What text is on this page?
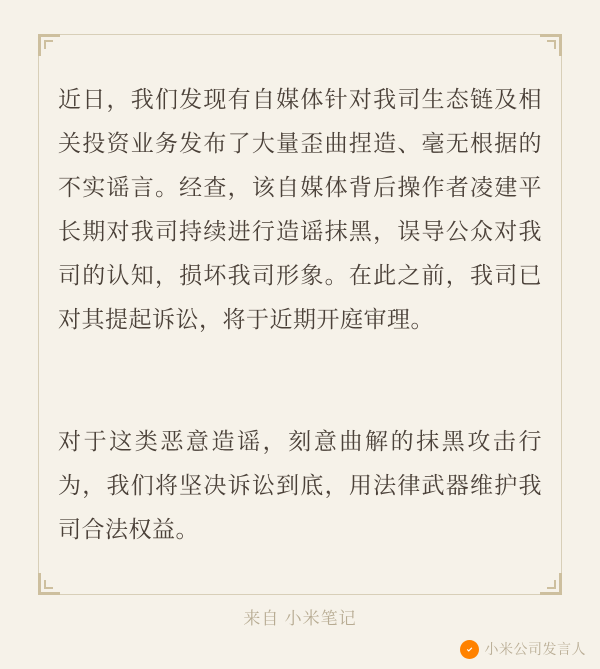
近日，我们发现有自媒体针对我司生态链及相关投资业务发布了大量歪曲捏造、毫无根据的不实谣言。经查，该自媒体背后操作者凌建平长期对我司持续进行造谣抹黑，误导公众对我司的认知，损坏我司形象。在此之前，我司已对其提起诉讼，将于近期开庭审理。

对于这类恶意造谣，刻意曲解的抹黑攻击行为，我们将坚决诉讼到底，用法律武器维护我司合法权益。

来自 小米笔记
小米公司发言人
